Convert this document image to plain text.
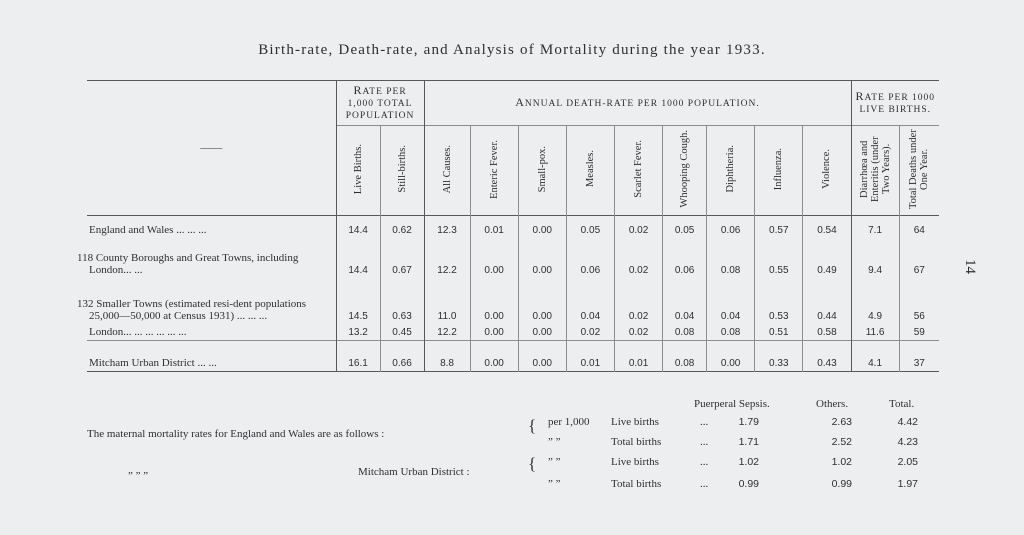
Birth-rate, Death-rate, and Analysis of Mortality during the year 1933.
14
——	RATE PER 1,000 TOTAL POPULATION		ANNUAL DEATH-RATE PER 1000 POPULATION.									RATE PER 1000 LIVE BIRTHS.	
	Live Births.	Still-births.	All Causes.	Enteric Fever.	Small-pox.	Measles.	Scarlet Fever.	Whooping Cough.	Diphtheria.	Influenza.	Violence.	Diarrhœa and Enteritis (under Two Years).	Total Deaths under One Year.
England and Wales ... ... ...	14.4	0.62	12.3	0.01	0.00	0.05	0.02	0.05	0.06	0.57	0.54	7.1	64

118 County Boroughs and Great Towns, including London... ...	14.4	0.67	12.2	0.00	0.00	0.06	0.02	0.06	0.08	0.55	0.49	9.4	67
132 Smaller Towns (estimated resi-dent populations 25,000—50,000 at Census 1931) ... ... ...	14.5	0.63	11.0	0.00	0.00	0.04	0.02	0.04	0.04	0.53	0.44	4.9	56
London... ... ... ... ... ...	13.2	0.45	12.2	0.00	0.00	0.02	0.02	0.08	0.08	0.51	0.58	11.6	59

Mitcham Urban District ... ...	16.1	0.66	8.8	0.00	0.00	0.01	0.01	0.08	0.00	0.33	0.43	4.1	37
Puerperal Sepsis.	Others.	Total.
The maternal mortality rates for England and Wales are as follows :
” ” ”	Mitcham Urban District :
{
{
per 1,000 Live births	...	1.79	2.63	4.42
” ”	Total births	...	1.71	2.52	4.23
” ”	Live births	...	1.02	1.02	2.05
” ”	Total births	...	0.99	0.99	1.97
